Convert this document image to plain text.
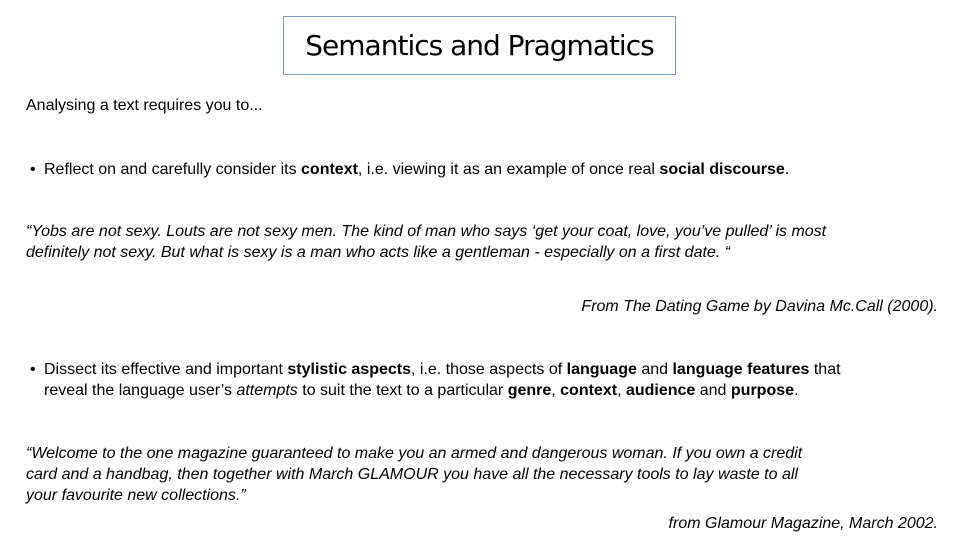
Semantics and Pragmatics
Analysing a text requires you to...
• Reflect on and carefully consider its context, i.e. viewing it as an example of once real social discourse.
“Yobs are not sexy. Louts are not sexy men. The kind of man who says ‘get your coat, love, you’ve pulled’ is most
definitely not sexy. But what is sexy is a man who acts like a gentleman - especially on a first date. “
From The Dating Game by Davina Mc.Call (2000).
• Dissect its effective and important stylistic aspects, i.e. those aspects of language and language features that
reveal the language user’s attempts to suit the text to a particular genre, context, audience and purpose.
“Welcome to the one magazine guaranteed to make you an armed and dangerous woman. If you own a credit
card and a handbag, then together with March GLAMOUR you have all the necessary tools to lay waste to all
your favourite new collections.”
from Glamour Magazine, March 2002.
